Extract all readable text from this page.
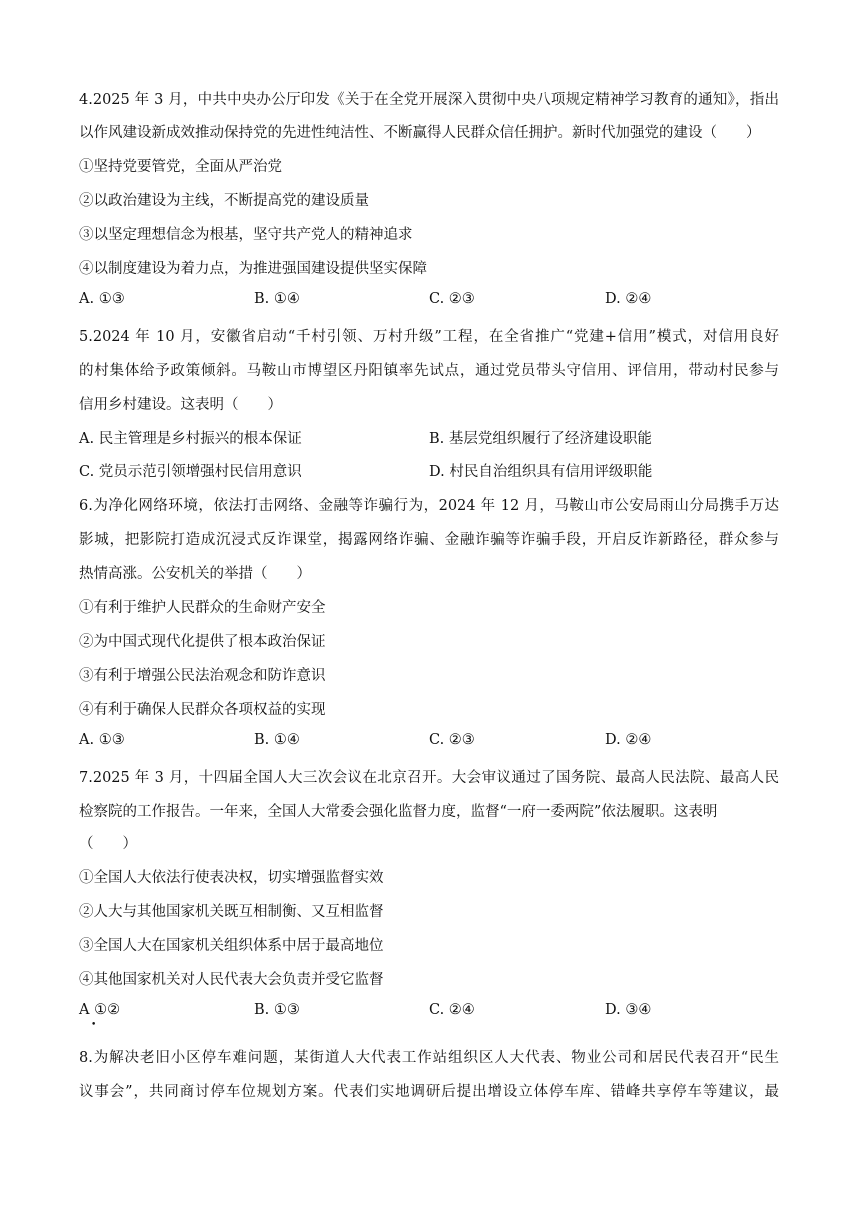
4.2025 年 3 月，中共中央办公厅印发《关于在全党开展深入贯彻中央八项规定精神学习教育的通知》，指出
以作风建设新成效推动保持党的先进性纯洁性、不断赢得人民群众信任拥护。新时代加强党的建设（　　）
①坚持党要管党，全面从严治党
②以政治建设为主线，不断提高党的建设质量
③以坚定理想信念为根基，坚守共产党人的精神追求
④以制度建设为着力点，为推进强国建设提供坚实保障
A. ①③	B. ①④	C. ②③	D. ②④
5.2024 年 10 月，安徽省启动“千村引领、万村升级”工程，在全省推广“党建+信用”模式，对信用良好
的村集体给予政策倾斜。马鞍山市博望区丹阳镇率先试点，通过党员带头守信用、评信用，带动村民参与
信用乡村建设。这表明（　　）
A. 民主管理是乡村振兴的根本保证	B. 基层党组织履行了经济建设职能
C. 党员示范引领增强村民信用意识	D. 村民自治组织具有信用评级职能
6.为净化网络环境，依法打击网络、金融等诈骗行为，2024 年 12 月，马鞍山市公安局雨山分局携手万达
影城，把影院打造成沉浸式反诈课堂，揭露网络诈骗、金融诈骗等诈骗手段，开启反诈新路径，群众参与
热情高涨。公安机关的举措（　　）
①有利于维护人民群众的生命财产安全
②为中国式现代化提供了根本政治保证
③有利于增强公民法治观念和防诈意识
④有利于确保人民群众各项权益的实现
A. ①③	B. ①④	C. ②③	D. ②④
7.2025 年 3 月，十四届全国人大三次会议在北京召开。大会审议通过了国务院、最高人民法院、最高人民
检察院的工作报告。一年来，全国人大常委会强化监督力度，监督“一府一委两院”依法履职。这表明
（　　）
①全国人大依法行使表决权，切实增强监督实效
②人大与其他国家机关既互相制衡、又互相监督
③全国人大在国家机关组织体系中居于最高地位
④其他国家机关对人民代表大会负责并受它监督
A ①②
•
B. ①③	C. ②④	D. ③④
8.为解决老旧小区停车难问题，某街道人大代表工作站组织区人大代表、物业公司和居民代表召开“民生
议事会”，共同商讨停车位规划方案。代表们实地调研后提出增设立体停车库、错峰共享停车等建议，最
